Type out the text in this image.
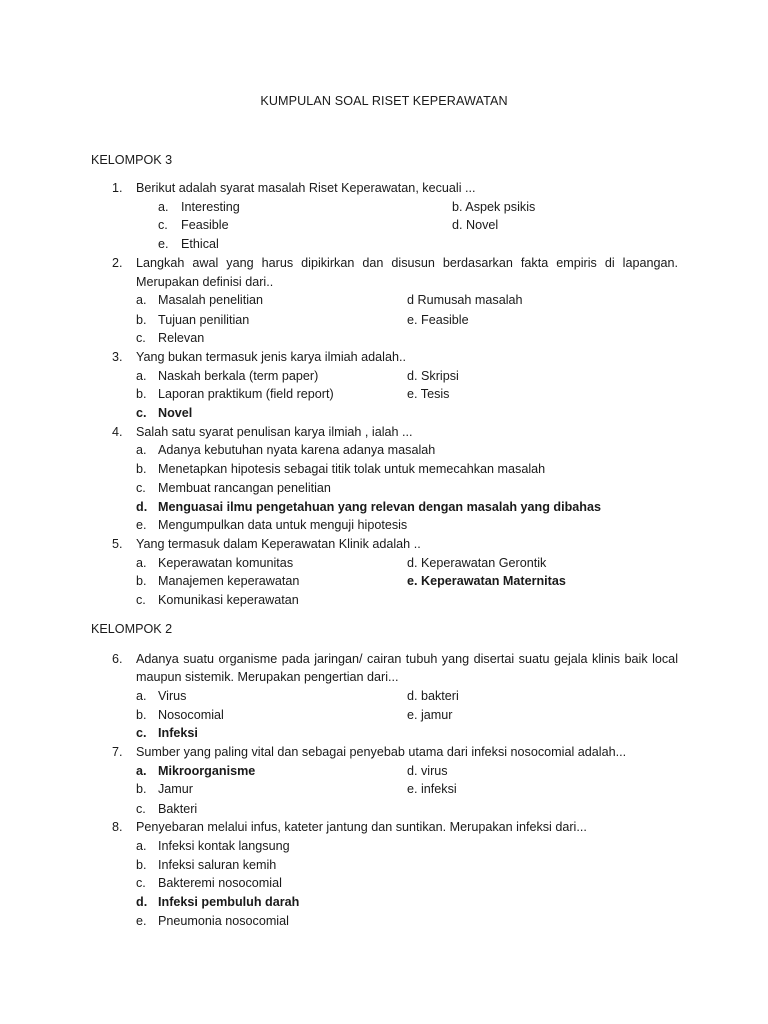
KUMPULAN SOAL RISET KEPERAWATAN
KELOMPOK 3
1. Berikut adalah syarat masalah Riset Keperawatan, kecuali ...
a. Interesting	b. Aspek psikis
c. Feasible	d. Novel
e. Ethical
2. Langkah awal yang harus dipikirkan dan disusun berdasarkan fakta empiris di lapangan.
Merupakan definisi dari..
a. Masalah penelitian	d Rumusah masalah
b. Tujuan penilitian	e. Feasible
c. Relevan
3. Yang bukan termasuk jenis karya ilmiah adalah..
a. Naskah berkala (term paper)	d. Skripsi
b. Laporan praktikum (field report)	e. Tesis
c. Novel
4. Salah satu syarat penulisan karya ilmiah , ialah ...
a. Adanya kebutuhan nyata karena adanya masalah
b. Menetapkan hipotesis sebagai titik tolak untuk memecahkan masalah
c. Membuat rancangan penelitian
d. Menguasai ilmu pengetahuan yang relevan dengan masalah yang dibahas
e. Mengumpulkan data untuk menguji hipotesis
5. Yang termasuk dalam Keperawatan Klinik adalah ..
a. Keperawatan komunitas	d. Keperawatan Gerontik
b. Manajemen keperawatan	e. Keperawatan Maternitas
c. Komunikasi keperawatan
KELOMPOK 2
6. Adanya suatu organisme pada jaringan/ cairan tubuh yang disertai suatu gejala klinis baik local
maupun sistemik. Merupakan pengertian dari...
a. Virus	d. bakteri
b. Nosocomial	e. jamur
c. Infeksi
7. Sumber yang paling vital dan sebagai penyebab utama dari infeksi nosocomial adalah...
a. Mikroorganisme	d. virus
b. Jamur	e. infeksi
c. Bakteri
8. Penyebaran melalui infus, kateter jantung dan suntikan. Merupakan infeksi dari...
a. Infeksi kontak langsung
b. Infeksi saluran kemih
c. Bakteremi nosocomial
d. Infeksi pembuluh darah
e. Pneumonia nosocomial
